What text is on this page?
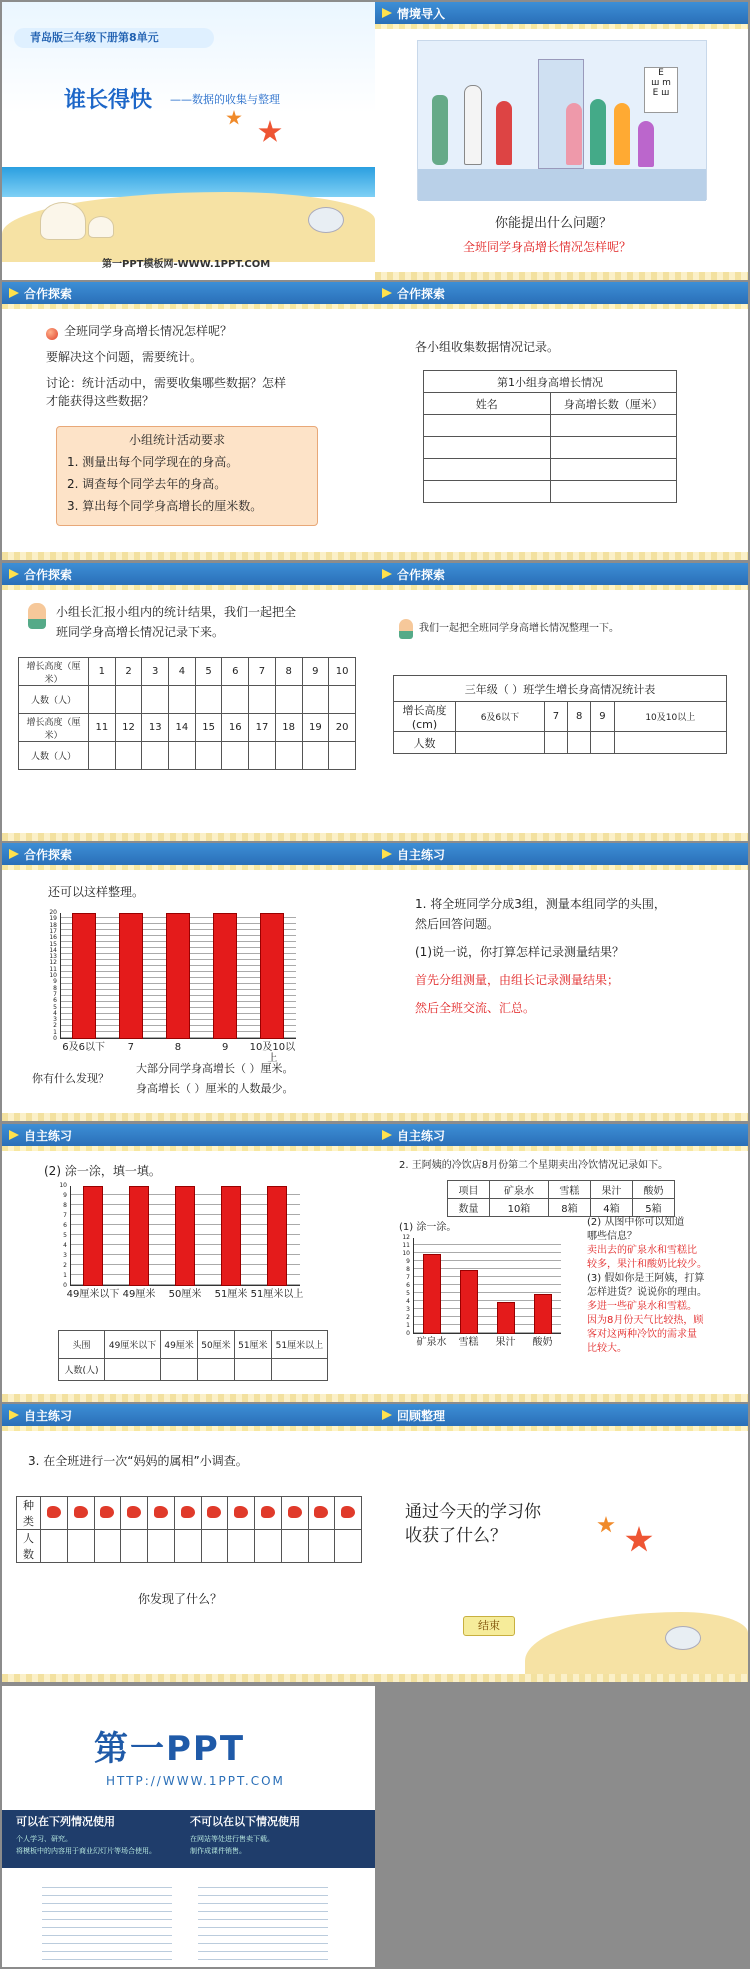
青岛版三年级下册第8单元
谁长得快 ——数据的收集与整理
第一PPT模板网-WWW.1PPT.COM
情境导入
E
ш m
E ш
你能提出什么问题？
全班同学身高增长情况怎样呢？
合作探索
全班同学身高增长情况怎样呢？
要解决这个问题，需要统计。
讨论：统计活动中，需要收集哪些数据？怎样
才能获得这些数据？
小组统计活动要求
1. 测量出每个同学现在的身高。
2. 调查每个同学去年的身高。
3. 算出每个同学身高增长的厘米数。
合作探索
各小组收集数据情况记录。
第1小组身高增长情况	
姓名	身高增长数（厘米）

合作探索
小组长汇报小组内的统计结果，我们一起把全
班同学身高增长情况记录下来。
增长高度（厘米）	1	2	3	4	5	6	7	8	9	10
人数（人）										
增长高度（厘米）	11	12	13	14	15	16	17	18	19	20
人数（人）										
合作探索
我们一起把全班同学身高增长情况整理一下。
三年级（ ）班学生增长身高情况统计表					
增长高度(cm)	6及6以下	7	8	9	10及10以上
人数					
合作探索
还可以这样整理。
你有什么发现？
大部分同学身高增长（ ）厘米。
身高增长（ ）厘米的人数最少。
6及6以下	7	8	9	10及10以上
0
1
2
3
4
5
6
7
8
9
10
11
12
13
14
15
16
17
18
19
20
自主练习
1. 将全班同学分成3组，测量本组同学的头围，
然后回答问题。
(1)说一说，你打算怎样记录测量结果？
首先分组测量，由组长记录测量结果；
然后全班交流、汇总。
自主练习
(2) 涂一涂，填一填。
头围	49厘米以下	49厘米	50厘米	51厘米	51厘米以上
人数(人)					
49厘米以下 49厘米	50厘米	51厘米 51厘米以上
0
1
2
3
4
5
6
7
8
9
10
自主练习
2. 王阿姨的冷饮店8月份第二个星期卖出冷饮情况记录如下。
项目	矿泉水	雪糕	果汁	酸奶
数量	10箱	8箱	4箱	5箱
(1) 涂一涂。	(2) 从图中你可以知道
哪些信息？
卖出去的矿泉水和雪糕比
较多，果汁和酸奶比较少。
(3) 假如你是王阿姨，打算
怎样进货？说说你的理由。
多进一些矿泉水和雪糕。
因为8月份天气比较热，顾
客对这两种冷饮的需求量
比较大。
矿泉水	雪糕	果汁	酸奶
0
1
2
3
4
5
6
7
8
9
10
11
12
自主练习
3. 在全班进行一次“妈妈的属相”小调查。
种类												
人数												
你发现了什么？
回顾整理
通过今天的学习你
收获了什么？
结束
第一PPT
HTTP://WWW.1PPT.COM
可以在下列情况使用	不可以在以下情况使用
个人学习、研究。
将模板中的内容用于商业幻灯片等场合使用。
在网站等处进行售卖下载。
制作成课件销售。
